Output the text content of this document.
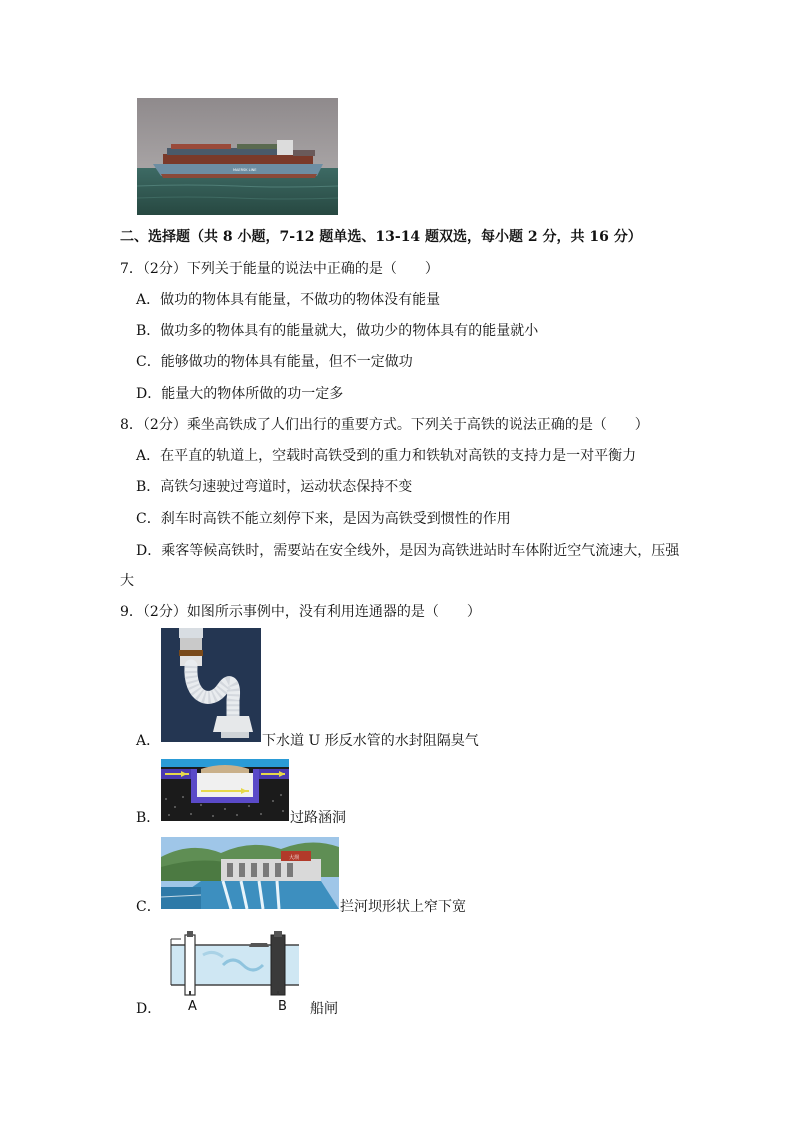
MAERSK LINE
二、选择题（共 8 小题，7-12 题单选、13-14 题双选，每小题 2 分，共 16 分）
7．（2分）下列关于能量的说法中正确的是（　　）
A．做功的物体具有能量，不做功的物体没有能量
B．做功多的物体具有的能量就大，做功少的物体具有的能量就小
C．能够做功的物体具有能量，但不一定做功
D．能量大的物体所做的功一定多
8．（2分）乘坐高铁成了人们出行的重要方式。下列关于高铁的说法正确的是（　　）
A．在平直的轨道上，空载时高铁受到的重力和铁轨对高铁的支持力是一对平衡力
B．高铁匀速驶过弯道时，运动状态保持不变
C．刹车时高铁不能立刻停下来，是因为高铁受到惯性的作用
D．乘客等候高铁时，需要站在安全线外，是因为高铁进站时车体附近空气流速大，压强
大
9．（2分）如图所示事例中，没有利用连通器的是（　　）
A．	下水道 U 形反水管的水封阻隔臭气
B．	过路涵洞
C．
大坝
拦河坝形状上窄下宽
D． A	B 船闸
